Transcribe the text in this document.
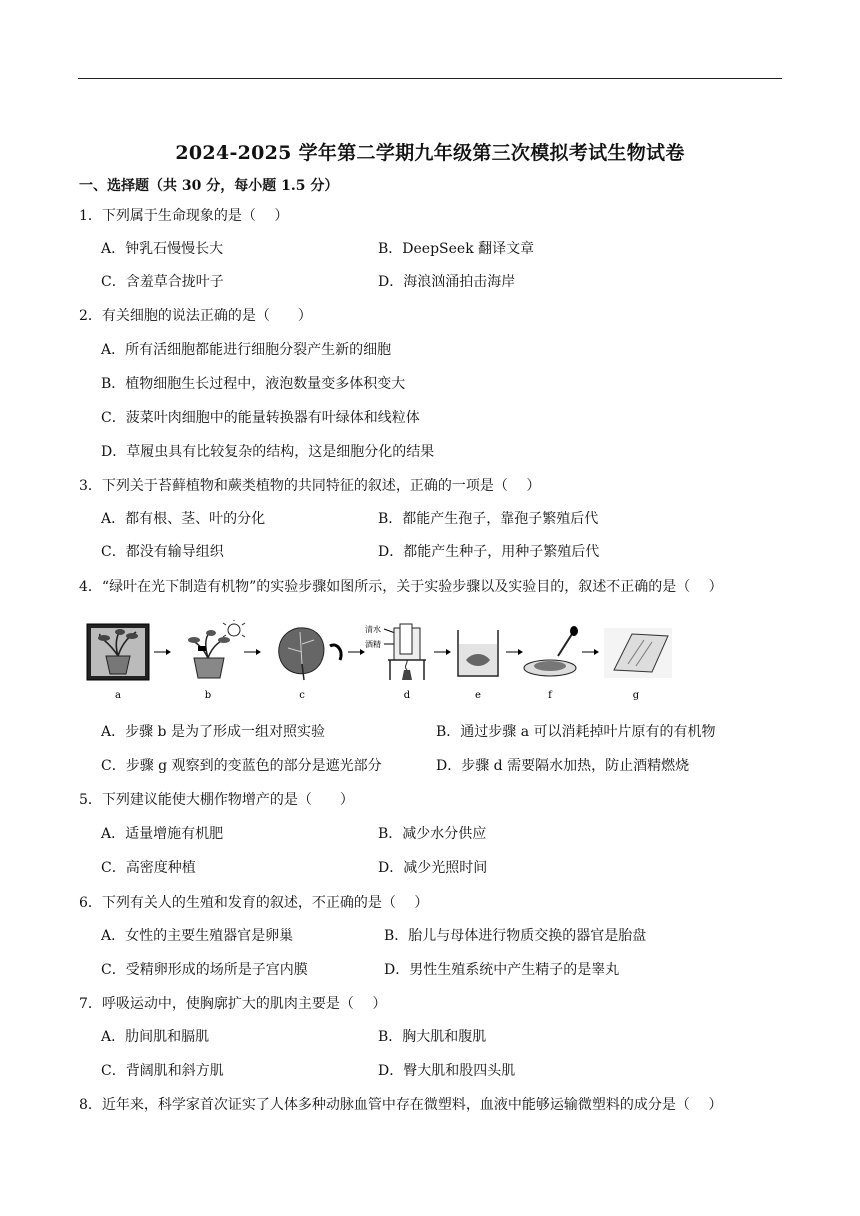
2024-2025 学年第二学期九年级第三次模拟考试生物试卷
一、选择题（共 30 分，每小题 1.5 分）
1．下列属于生命现象的是（　 ）
A．钟乳石慢慢长大	B．DeepSeek 翻译文章
C．含羞草合拢叶子	D．海浪汹涌拍击海岸
2．有关细胞的说法正确的是（　　）
A．所有活细胞都能进行细胞分裂产生新的细胞
B．植物细胞生长过程中，液泡数量变多体积变大
C．菠菜叶肉细胞中的能量转换器有叶绿体和线粒体
D．草履虫具有比较复杂的结构，这是细胞分化的结果
3．下列关于苔藓植物和蕨类植物的共同特征的叙述，正确的一项是（　 ）
A．都有根、茎、叶的分化	B．都能产生孢子，靠孢子繁殖后代
C．都没有输导组织	D．都能产生种子，用种子繁殖后代
4．“绿叶在光下制造有机物”的实验步骤如图所示，关于实验步骤以及实验目的，叙述不正确的是（　 ）
清水
酒精
a	b	c	d	e	f	g
A．步骤 b 是为了形成一组对照实验	B．通过步骤 a 可以消耗掉叶片原有的有机物
C．步骤 g 观察到的变蓝色的部分是遮光部分	D．步骤 d 需要隔水加热，防止酒精燃烧
5．下列建议能使大棚作物增产的是（　　）
A．适量增施有机肥	B．减少水分供应
C．高密度种植	D．减少光照时间
6．下列有关人的生殖和发育的叙述，不正确的是（　 ）
A．女性的主要生殖器官是卵巢	B．胎儿与母体进行物质交换的器官是胎盘
C．受精卵形成的场所是子宫内膜	D．男性生殖系统中产生精子的是睾丸
7．呼吸运动中，使胸廓扩大的肌肉主要是（　 ）
A．肋间肌和膈肌	B．胸大肌和腹肌
C．背阔肌和斜方肌	D．臀大肌和股四头肌
8．近年来，科学家首次证实了人体多种动脉血管中存在微塑料，血液中能够运输微塑料的成分是（　 ）
